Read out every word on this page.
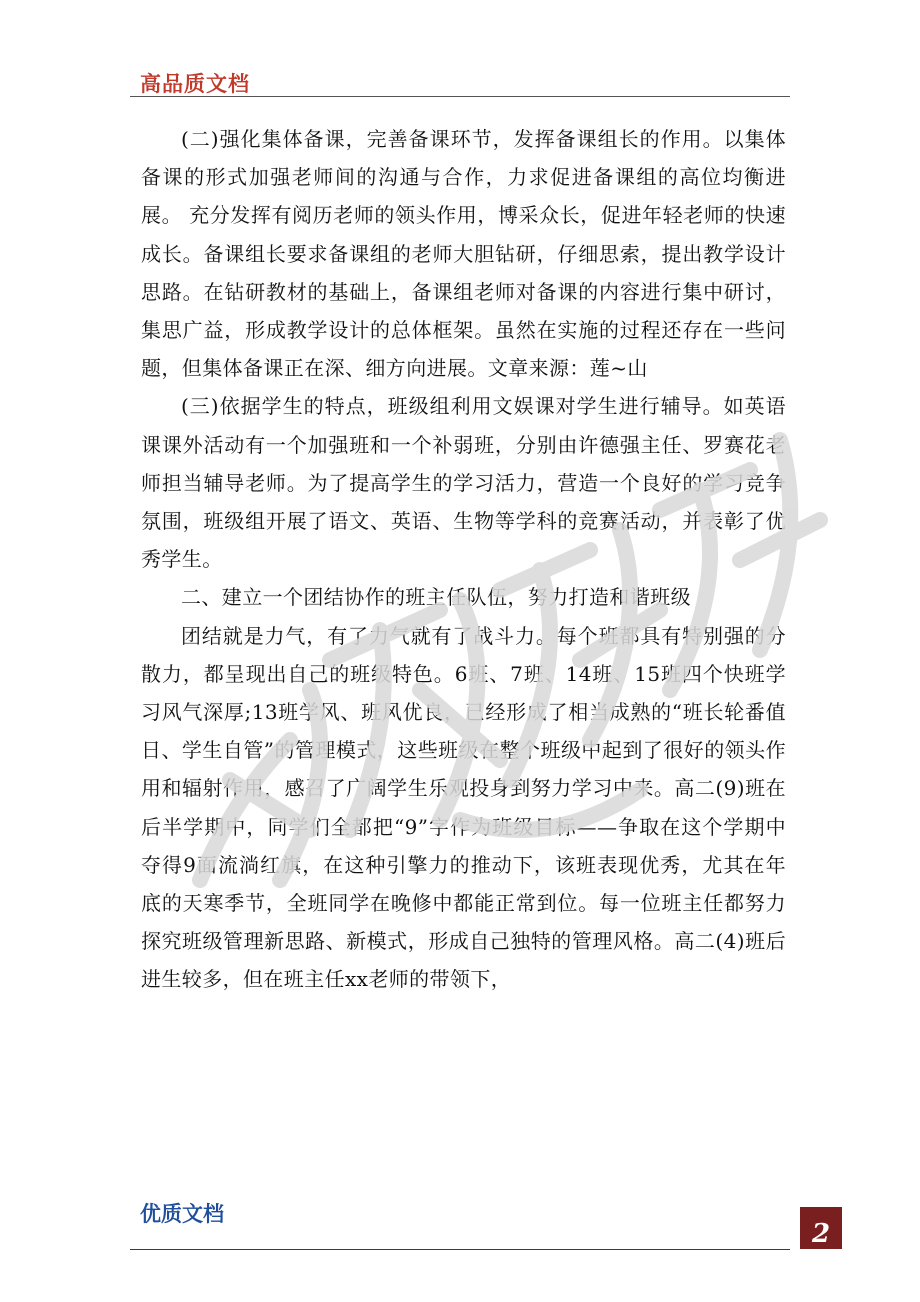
高品质文档

(二)强化集体备课，完善备课环节，发挥备课组长的作用。以集体备课的形式加强老师间的沟通与合作，力求促进备课组的高位均衡进展。 充分发挥有阅历老师的领头作用，博采众长，促进年轻老师的快速成长。备课组长要求备课组的老师大胆钻研，仔细思索，提出教学设计思路。在钻研教材的基础上，备课组老师对备课的内容进行集中研讨，集思广益，形成教学设计的总体框架。虽然在实施的过程还存在一些问题，但集体备课正在深、细方向进展。文章来源：莲~山

(三)依据学生的特点，班级组利用文娱课对学生进行辅导。如英语课课外活动有一个加强班和一个补弱班，分别由许德强主任、罗赛花老师担当辅导老师。为了提高学生的学习活力，营造一个良好的学习竞争氛围，班级组开展了语文、英语、生物等学科的竞赛活动，并表彰了优秀学生。

二、建立一个团结协作的班主任队伍，努力打造和谐班级

团结就是力气，有了力气就有了战斗力。每个班都具有特别强的分散力，都呈现出自己的班级特色。6班、7班、14班、15班四个快班学习风气深厚;13班学风、班风优良，已经形成了相当成熟的“班长轮番值日、学生自管”的管理模式，这些班级在整个班级中起到了很好的领头作用和辐射作用，感召了广阔学生乐观投身到努力学习中来。高二(9)班在后半学期中，同学们全都把“9”字作为班级目标——争取在这个学期中夺得9面流淌红旗，在这种引擎力的推动下，该班表现优秀，尤其在年底的天寒季节，全班同学在晚修中都能正常到位。每一位班主任都努力探究班级管理新思路、新模式，形成自己独特的管理风格。高二(4)班后进生较多，但在班主任xx老师的带领下，

优质文档
2
